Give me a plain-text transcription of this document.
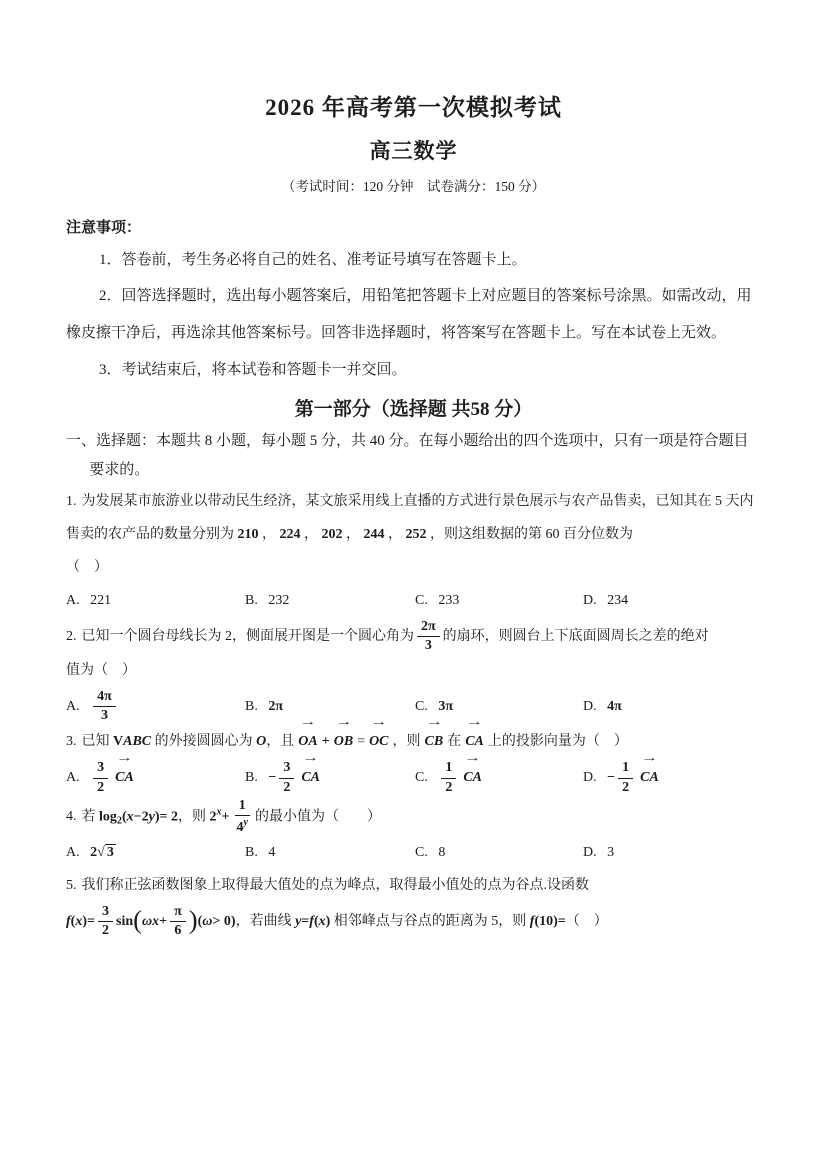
2026 年高考第一次模拟考试
高三数学
（考试时间：120 分钟　试卷满分：150 分）
注意事项：

1．答卷前，考生务必将自己的姓名、准考证号填写在答题卡上。

2．回答选择题时，选出每小题答案后，用铅笔把答题卡上对应题目的答案标号涂黑。如需改动，用橡皮擦干净后，再选涂其他答案标号。回答非选择题时，将答案写在答题卡上。写在本试卷上无效。

3．考试结束后，将本试卷和答题卡一并交回。

第一部分（选择题 共58 分）
一、选择题：本题共 8 小题，每小题 5 分，共 40 分。在每小题给出的四个选项中，只有一项是符合题目要求的。

1. 为发展某市旅游业以带动民生经济，某文旅采用线上直播的方式进行景色展示与农产品售卖，已知其在 5 天内售卖的农产品的数量分别为 210 ， 224 ， 202 ， 244 ， 252 ，则这组数据的第 60 百分位数为
（　）

A. 221	B. 232	C. 233	D. 234

2. 已知一个圆台母线长为 2，侧面展开图是一个圆心角为 $\frac{2\pi}{3}$ 的扇环，则圆台上下底面圆周长之差的绝对
值为（　）

A. $\frac{4\pi}{3}$	B. 2π	C. 3π	D. 4π

3. 已知 VABC 的外接圆圆心为 O，且
→
OA +
→
OB =
→
OC ，则
→
CB 在
→
CA 上的投影向量为（　）

A. $\frac{3}{2}$
→
CA	B. − $\frac{3}{2}$
→
CA	C. $\frac{1}{2}$
→
CA	D. − $\frac{1}{2}$
→
CA

4. 若 $\log_2(x-2y)= 2$，则 $2^x+ \frac{1}{4^y}$ 的最小值为（　　）

A. 2√ 3	B. 4	C. 8	D. 3

5. 我们称正弦函数图象上取得最大值处的点为峰点，取得最小值处的点为谷点.设函数
$f(x)= \frac{3}{2} \sin(\omega x+ \frac{\pi}{6} )(\omega> 0)$，若曲线 y=f(x) 相邻峰点与谷点的距离为 5，则 f(10)=（　）
